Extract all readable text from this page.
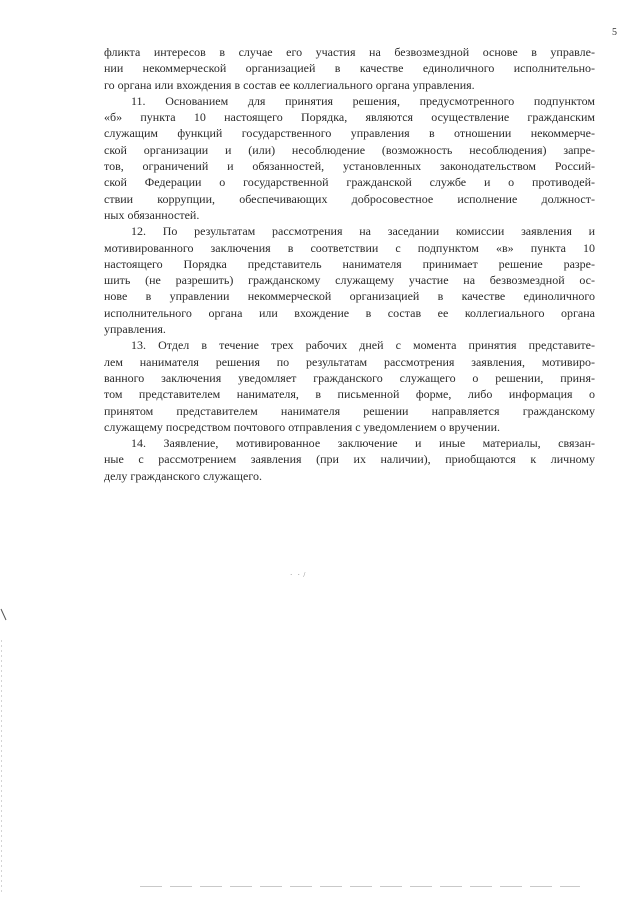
5

фликта интересов в случае его участия на безвозмездной основе в управле-
нии некоммерческой организацией в качестве единоличного исполнительно-
го органа или вхождения в состав ее коллегиального органа управления.

11. Основанием для принятия решения, предусмотренного подпунктом
«б» пункта 10 настоящего Порядка, являются осуществление гражданским
служащим функций государственного управления в отношении некоммерче-
ской организации и (или) несоблюдение (возможность несоблюдения) запре-
тов, ограничений и обязанностей, установленных законодательством Россий-
ской Федерации о государственной гражданской службе и о противодей-
ствии коррупции, обеспечивающих добросовестное исполнение должност-
ных обязанностей.

12. По результатам рассмотрения на заседании комиссии заявления и
мотивированного заключения в соответствии с подпунктом «в» пункта 10
настоящего Порядка представитель нанимателя принимает решение разре-
шить (не разрешить) гражданскому служащему участие на безвозмездной ос-
нове в управлении некоммерческой организацией в качестве единоличного
исполнительного органа или вхождение в состав ее коллегиального органа
управления.

13. Отдел в течение трех рабочих дней с момента принятия представите-
лем нанимателя решения по результатам рассмотрения заявления, мотивиро-
ванного заключения уведомляет гражданского служащего о решении, приня-
том представителем нанимателя, в письменной форме, либо информация о
принятом представителем нанимателя решении направляется гражданскому
служащему посредством почтового отправления с уведомлением о вручении.

14. Заявление, мотивированное заключение и иные материалы, связан-
ные с рассмотрением заявления (при их наличии), приобщаются к личному
делу гражданского служащего.

·   ·  /
